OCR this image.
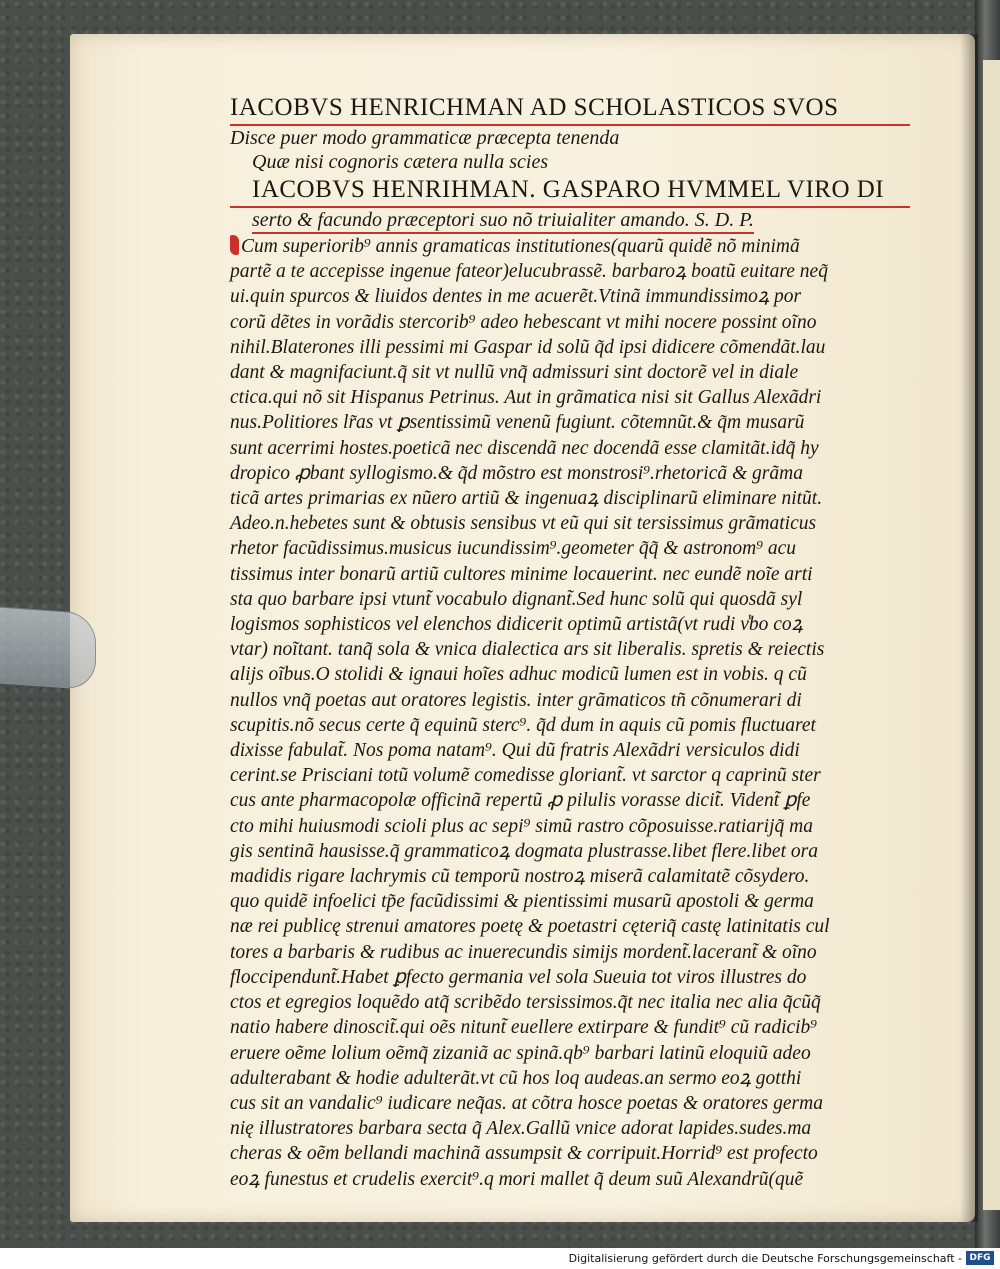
IACOBVS HENRICHMAN AD SCHOLASTICOS SVOS
Disce puer modo grammaticæ præcepta tenenda
Quæ nisi cognoris cætera nulla scies
IACOBVS HENRIHMAN. GASPARO HVMMEL VIRO DI
serto & facundo præceptori suo nõ triuialiter amando. S. D. P.
Cum superiorib⁹ annis gramaticas institutiones(quarũ quidẽ nõ minimã
partẽ a te accepisse ingenue fateor)elucubrassẽ. barbaroꝝ boatũ euitare neq̃
ui.quin spurcos & liuidos dentes in me acuerẽt.Vtinã immundissimoꝝ por
corũ dẽtes in vorãdis stercorib⁹ adeo hebescant vt mihi nocere possint oĩno
nihil.Blaterones illi pessimi mi Gaspar id solũ q̃d ipsi didicere cõmendãt.lau
dant & magnifaciunt.q̃ sit vt nullũ vnq̃ admissuri sint doctorẽ vel in diale
ctica.qui nõ sit Hispanus Petrinus. Aut in grãmatica nisi sit Gallus Alexãdri
nus.Politiores lr̃as vt ꝑsentissimũ venenũ fugiunt. cõtemnũt.& q̃m musarũ
sunt acerrimi hostes.poeticã nec discendã nec docendã esse clamitãt.idq̃ hy
dropico ꝓbant syllogismo.& q̃d mõstro est monstrosi⁹.rhetoricã & grãma
ticã artes primarias ex nũero artiũ & ingenuaꝝ disciplinarũ eliminare nitũt.
Adeo.n.hebetes sunt & obtusis sensibus vt eũ qui sit tersissimus grãmaticus
rhetor facũdissimus.musicus iucundissim⁹.geometer q̃q̃ & astronom⁹ acu
tissimus inter bonarũ artiũ cultores minime locauerint. nec eundẽ noĩe arti
sta quo barbare ipsi vtunt̃ vocabulo dignant̃.Sed hunc solũ qui quosdã syl
logismos sophisticos vel elenchos didicerit optimũ artistã(vt rudi v̾bo coꝝ
vtar) noĩtant. tanq̃ sola & vnica dialectica ars sit liberalis. spretis & reiectis
alijs oĩbus.O stolidi & ignaui hoĩes adhuc modicũ lumen est in vobis. q cũ
nullos vnq̃ poetas aut oratores legistis. inter grãmaticos tñ cõnumerari di
scupitis.nõ secus certe q̃ equinũ sterc⁹. q̃d dum in aquis cũ pomis fluctuaret
dixisse fabulat̃. Nos poma natam⁹. Qui dũ fratris Alexãdri versiculos didi
cerint.se Prisciani totũ volumẽ comedisse gloriant̃. vt sarctor q caprinũ ster
cus ante pharmacopolæ officinã repertũ ꝓ pilulis vorasse dicit̃. Vident̃ ꝑfe
cto mihi huiusmodi scioli plus ac sepi⁹ simũ rastro cõposuisse.ratiarijq̃ ma
gis sentinã hausisse.q̃ grammaticoꝝ dogmata plustrasse.libet flere.libet ora
madidis rigare lachrymis cũ temporũ nostroꝝ miserã calamitatẽ cõsydero.
quo quidẽ infoelici tp̃e facũdissimi & pientissimi musarũ apostoli & germa
næ rei publicę strenui amatores poetę & poetastri cęteriq̃ castę latinitatis cul
tores a barbaris & rudibus ac inuerecundis simijs mordent̃.lacerant̃ & oĩno
floccipendunt̃.Habet ꝑfecto germania vel sola Sueuia tot viros illustres do
ctos et egregios loquẽdo atq̃ scribẽdo tersissimos.q̃t nec italia nec alia q̃cũq̃
natio habere dinoscit̃.qui oẽs nitunt̃ euellere extirpare & fundit⁹ cũ radicib⁹
eruere oẽme lolium oẽmq̃ zizaniã ac spinã.qb⁹ barbari latinũ eloquiũ adeo
adulterabant & hodie adulterãt.vt cũ hos loq audeas.an sermo eoꝝ gotthi
cus sit an vandalic⁹ iudicare neq̃as. at cõtra hosce poetas & oratores germa
nię illustratores barbara secta q̃ Alex.Gallũ vnice adorat lapides.sudes.ma
cheras & oẽm bellandi machinã assumpsit & corripuit.Horrid⁹ est profecto
eoꝝ funestus et crudelis exercit⁹.q mori mallet q̃ deum suũ Alexandrũ(quẽ
Digitalisierung gefördert durch die Deutsche Forschungsgemeinschaft - DFG
